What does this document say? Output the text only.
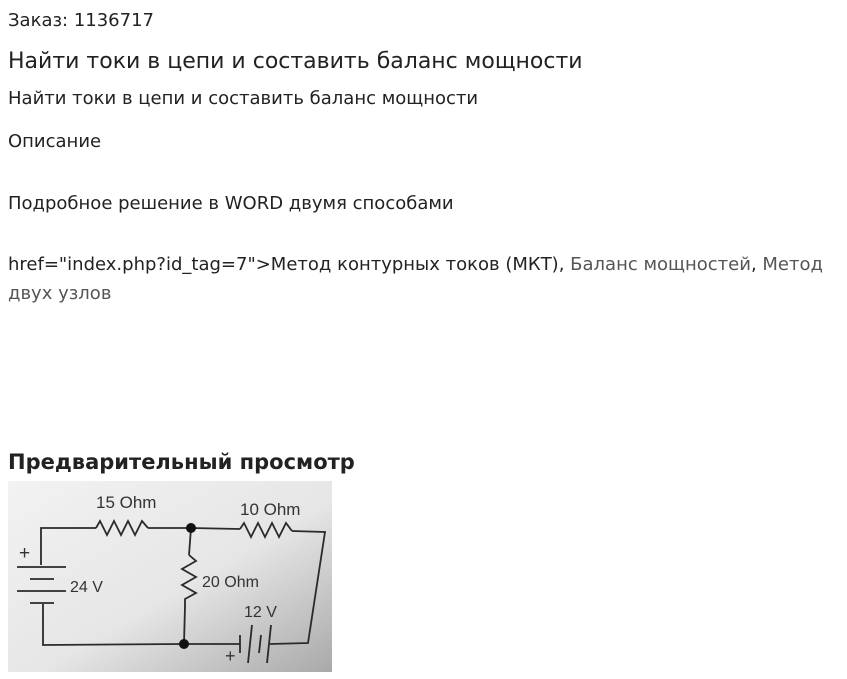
Заказ: 1136717
Найти токи в цепи и составить баланс мощности
Найти токи в цепи и составить баланс мощности
Описание
Подробное решение в WORD двумя способами
href="index.php?id_tag=7">Метод контурных токов (МКТ), Баланс мощностей, Метод двух узлов
Предварительный просмотр
15 Ohm	10 Ohm
20 Ohm
24 V
12 V
+
+
